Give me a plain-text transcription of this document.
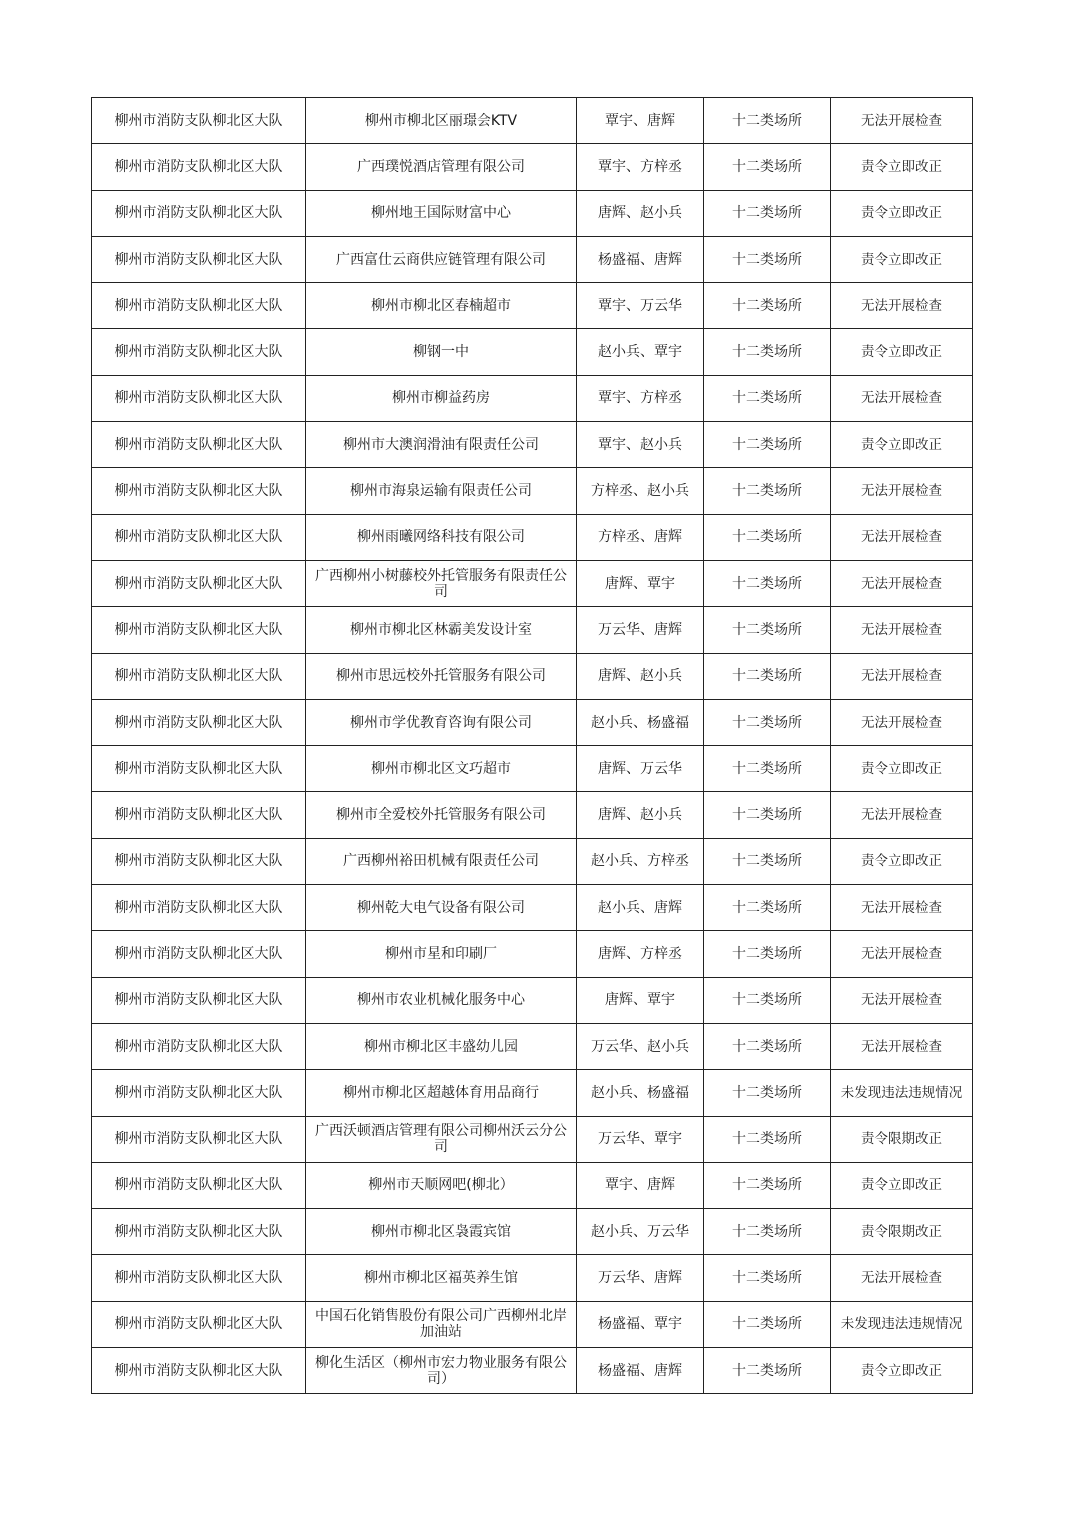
柳州市消防支队柳北区大队	柳州市柳北区丽璟会KTV	覃宇、唐辉	十二类场所	无法开展检查
柳州市消防支队柳北区大队	广西璞悦酒店管理有限公司	覃宇、方梓丞	十二类场所	责令立即改正
柳州市消防支队柳北区大队	柳州地王国际财富中心	唐辉、赵小兵	十二类场所	责令立即改正
柳州市消防支队柳北区大队	广西富仕云商供应链管理有限公司	杨盛福、唐辉	十二类场所	责令立即改正
柳州市消防支队柳北区大队	柳州市柳北区春楠超市	覃宇、万云华	十二类场所	无法开展检查
柳州市消防支队柳北区大队	柳钢一中	赵小兵、覃宇	十二类场所	责令立即改正
柳州市消防支队柳北区大队	柳州市柳益药房	覃宇、方梓丞	十二类场所	无法开展检查
柳州市消防支队柳北区大队	柳州市大澳润滑油有限责任公司	覃宇、赵小兵	十二类场所	责令立即改正
柳州市消防支队柳北区大队	柳州市海泉运输有限责任公司	方梓丞、赵小兵	十二类场所	无法开展检查
柳州市消防支队柳北区大队	柳州雨曦网络科技有限公司	方梓丞、唐辉	十二类场所	无法开展检查
柳州市消防支队柳北区大队	广西柳州小树藤校外托管服务有限责任公司	唐辉、覃宇	十二类场所	无法开展检查
柳州市消防支队柳北区大队	柳州市柳北区林霸美发设计室	万云华、唐辉	十二类场所	无法开展检查
柳州市消防支队柳北区大队	柳州市思远校外托管服务有限公司	唐辉、赵小兵	十二类场所	无法开展检查
柳州市消防支队柳北区大队	柳州市学优教育咨询有限公司	赵小兵、杨盛福	十二类场所	无法开展检查
柳州市消防支队柳北区大队	柳州市柳北区文巧超市	唐辉、万云华	十二类场所	责令立即改正
柳州市消防支队柳北区大队	柳州市全爱校外托管服务有限公司	唐辉、赵小兵	十二类场所	无法开展检查
柳州市消防支队柳北区大队	广西柳州裕田机械有限责任公司	赵小兵、方梓丞	十二类场所	责令立即改正
柳州市消防支队柳北区大队	柳州乾大电气设备有限公司	赵小兵、唐辉	十二类场所	无法开展检查
柳州市消防支队柳北区大队	柳州市星和印刷厂	唐辉、方梓丞	十二类场所	无法开展检查
柳州市消防支队柳北区大队	柳州市农业机械化服务中心	唐辉、覃宇	十二类场所	无法开展检查
柳州市消防支队柳北区大队	柳州市柳北区丰盛幼儿园	万云华、赵小兵	十二类场所	无法开展检查
柳州市消防支队柳北区大队	柳州市柳北区超越体育用品商行	赵小兵、杨盛福	十二类场所	未发现违法违规情况
柳州市消防支队柳北区大队	广西沃顿酒店管理有限公司柳州沃云分公司	万云华、覃宇	十二类场所	责令限期改正
柳州市消防支队柳北区大队	柳州市天顺网吧(柳北）	覃宇、唐辉	十二类场所	责令立即改正
柳州市消防支队柳北区大队	柳州市柳北区袅霞宾馆	赵小兵、万云华	十二类场所	责令限期改正
柳州市消防支队柳北区大队	柳州市柳北区福英养生馆	万云华、唐辉	十二类场所	无法开展检查
柳州市消防支队柳北区大队	中国石化销售股份有限公司广西柳州北岸加油站	杨盛福、覃宇	十二类场所	未发现违法违规情况
柳州市消防支队柳北区大队	柳化生活区（柳州市宏力物业服务有限公司）	杨盛福、唐辉	十二类场所	责令立即改正
